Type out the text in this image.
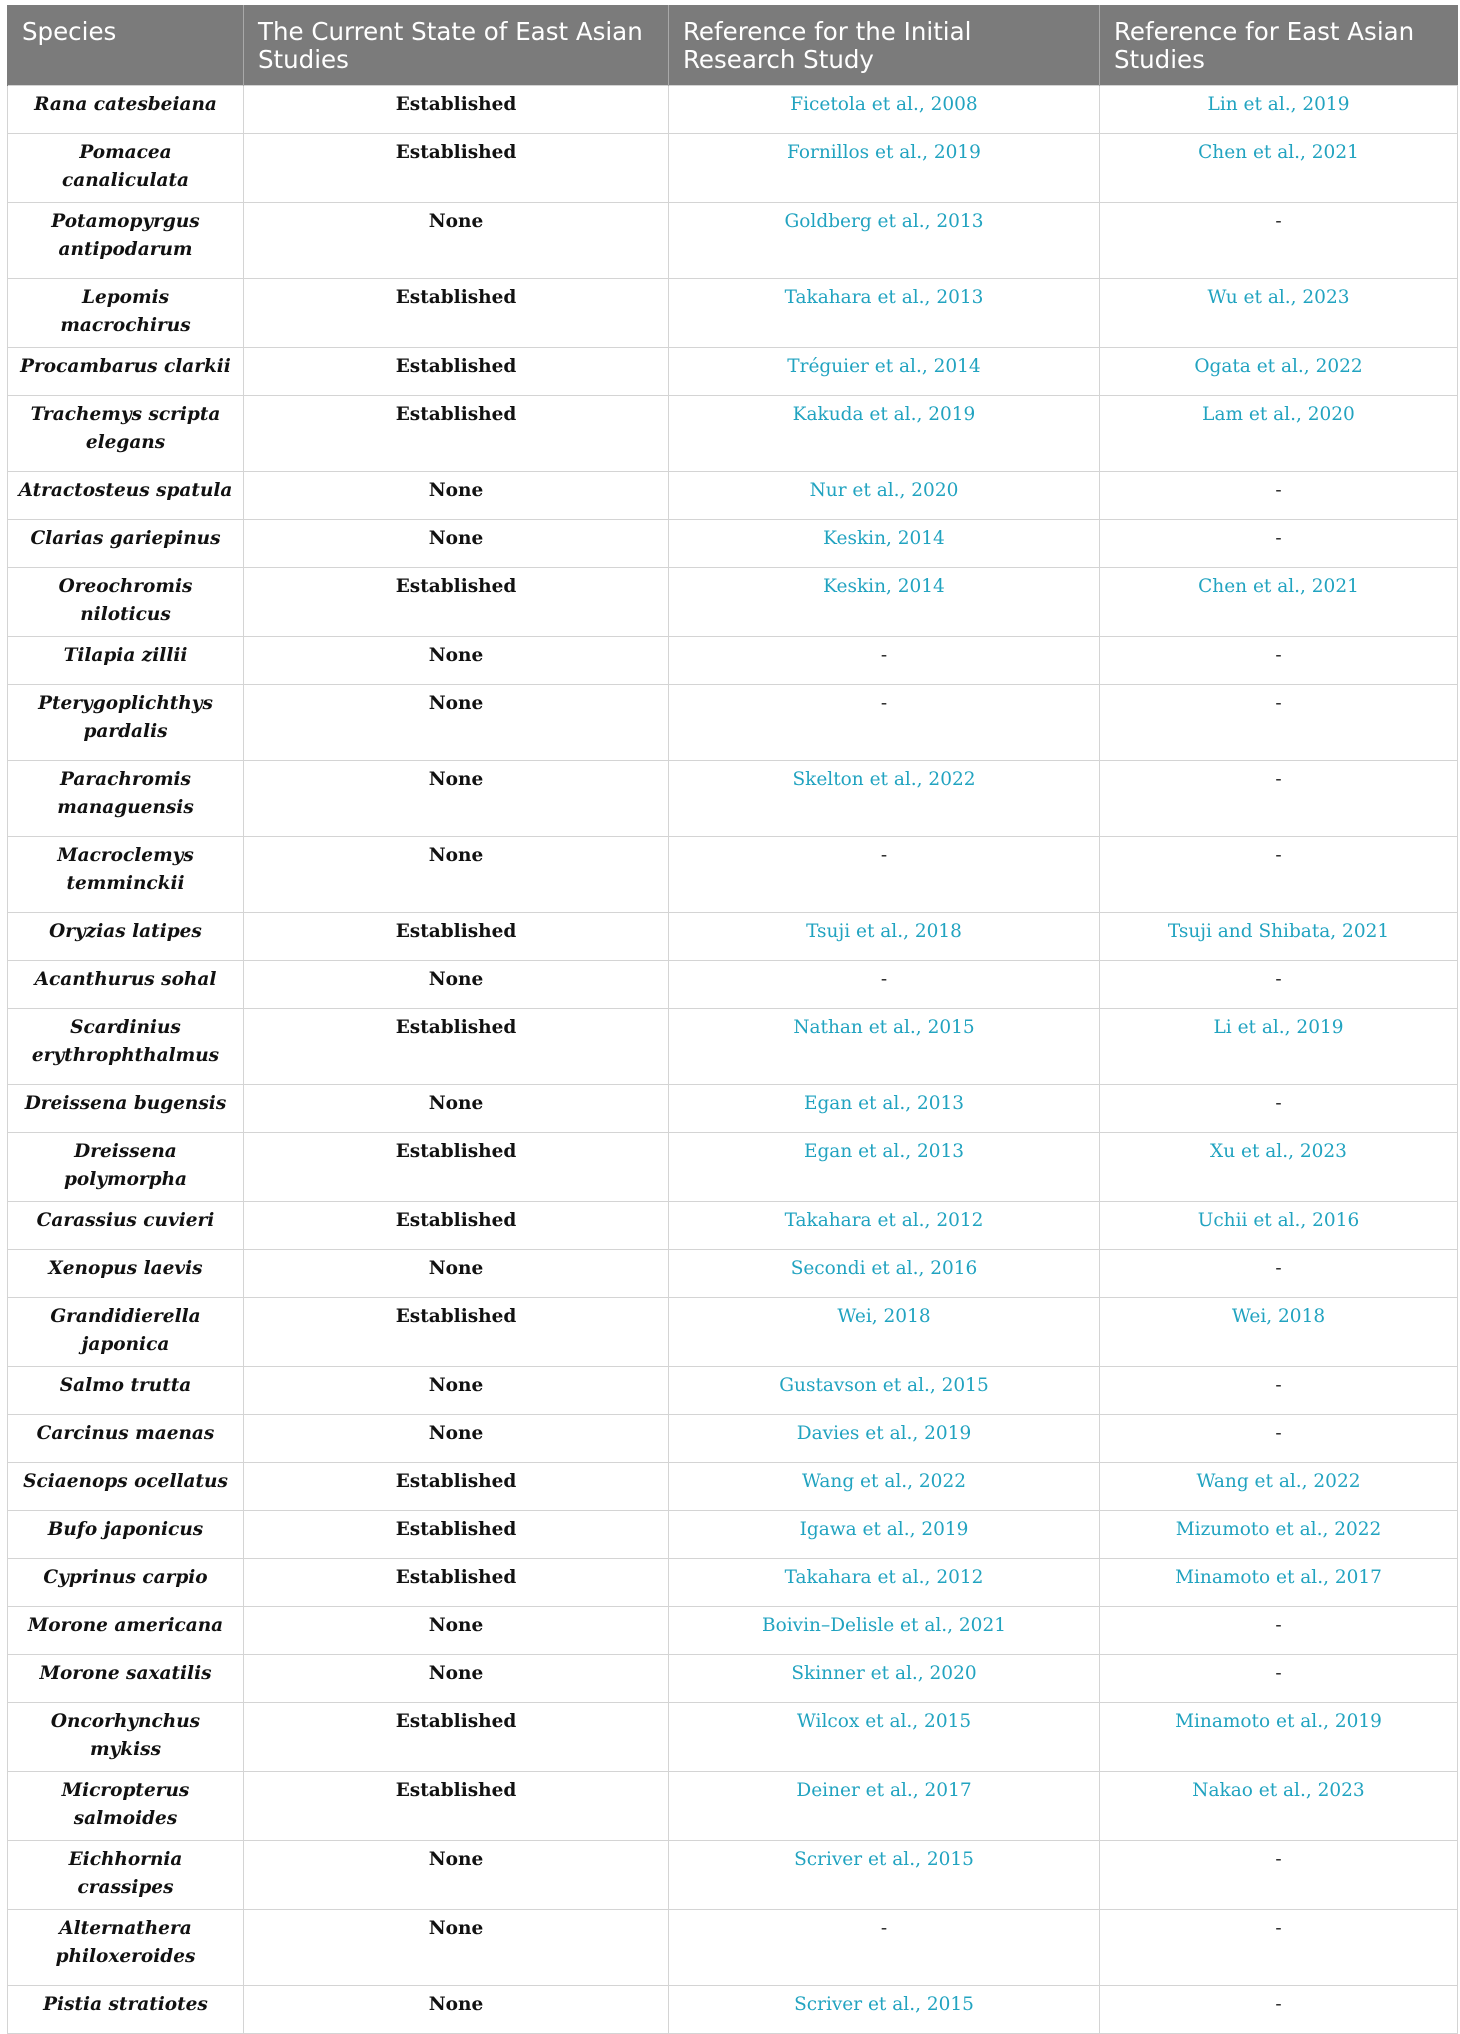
Species	The Current State of East Asian Studies	Reference for the Initial Research Study	Reference for East Asian Studies
Rana catesbeiana	Established	Ficetola et al., 2008	Lin et al., 2019
Pomacea canaliculata	Established	Fornillos et al., 2019	Chen et al., 2021
Potamopyrgus antipodarum	None	Goldberg et al., 2013	-
Lepomis macrochirus	Established	Takahara et al., 2013	Wu et al., 2023
Procambarus clarkii	Established	Tréguier et al., 2014	Ogata et al., 2022
Trachemys scripta elegans	Established	Kakuda et al., 2019	Lam et al., 2020
Atractosteus spatula	None	Nur et al., 2020	-
Clarias gariepinus	None	Keskin, 2014	-
Oreochromis niloticus	Established	Keskin, 2014	Chen et al., 2021
Tilapia zillii	None	-	-
Pterygoplichthys pardalis	None	-	-
Parachromis managuensis	None	Skelton et al., 2022	-
Macroclemys temminckii	None	-	-
Oryzias latipes	Established	Tsuji et al., 2018	Tsuji and Shibata, 2021
Acanthurus sohal	None	-	-
Scardinius erythrophthalmus	Established	Nathan et al., 2015	Li et al., 2019
Dreissena bugensis	None	Egan et al., 2013	-
Dreissena polymorpha	Established	Egan et al., 2013	Xu et al., 2023
Carassius cuvieri	Established	Takahara et al., 2012	Uchii et al., 2016
Xenopus laevis	None	Secondi et al., 2016	-
Grandidierella japonica	Established	Wei, 2018	Wei, 2018
Salmo trutta	None	Gustavson et al., 2015	-
Carcinus maenas	None	Davies et al., 2019	-
Sciaenops ocellatus	Established	Wang et al., 2022	Wang et al., 2022
Bufo japonicus	Established	Igawa et al., 2019	Mizumoto et al., 2022
Cyprinus carpio	Established	Takahara et al., 2012	Minamoto et al., 2017
Morone americana	None	Boivin–Delisle et al., 2021	-
Morone saxatilis	None	Skinner et al., 2020	-
Oncorhynchus mykiss	Established	Wilcox et al., 2015	Minamoto et al., 2019
Micropterus salmoides	Established	Deiner et al., 2017	Nakao et al., 2023
Eichhornia crassipes	None	Scriver et al., 2015	-
Alternathera philoxeroides	None	-	-
Pistia stratiotes	None	Scriver et al., 2015	-
